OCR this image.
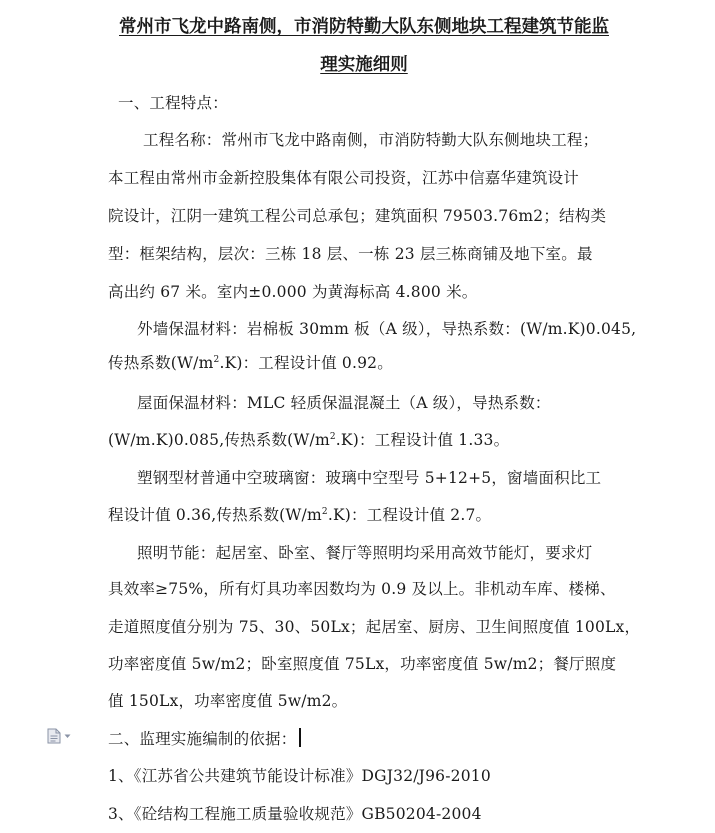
常州市飞龙中路南侧，市消防特勤大队东侧地块工程建筑节能监
理实施细则
一、工程特点：
工程名称：常州市飞龙中路南侧，市消防特勤大队东侧地块工程；
本工程由常州市金新控股集体有限公司投资，江苏中信嘉华建筑设计
院设计，江阴一建筑工程公司总承包；建筑面积 79503.76m2；结构类
型：框架结构，层次：三栋 18 层、一栋 23 层三栋商铺及地下室。最
高出约 67 米。室内±0.000 为黄海标高 4.800 米。
外墙保温材料：岩棉板 30mm 板（A 级），导热系数：(W/m.K)0.045,
传热系数$(W/m^2.K)$：工程设计值 0.92。
屋面保温材料：MLC 轻质保温混凝土（A 级），导热系数：
(W/m.K)0.085,传热系数$(W/m^2.K)$：工程设计值 1.33。
塑钢型材普通中空玻璃窗：玻璃中空型号 5+12+5，窗墙面积比工
程设计值 0.36,传热系数$(W/m^2.K)$：工程设计值 2.7。
照明节能：起居室、卧室、餐厅等照明均采用高效节能灯，要求灯
具效率≥75%，所有灯具功率因数均为 0.9 及以上。非机动车库、楼梯、
走道照度值分别为 75、30、50Lx；起居室、厨房、卫生间照度值 100Lx，
功率密度值 5w/m2；卧室照度值 75Lx，功率密度值 5w/m2；餐厅照度
值 150Lx，功率密度值 5w/m2。
二、监理实施编制的依据：
1、《江苏省公共建筑节能设计标准》DGJ32/J96-2010
3、《砼结构工程施工质量验收规范》GB50204-2004
